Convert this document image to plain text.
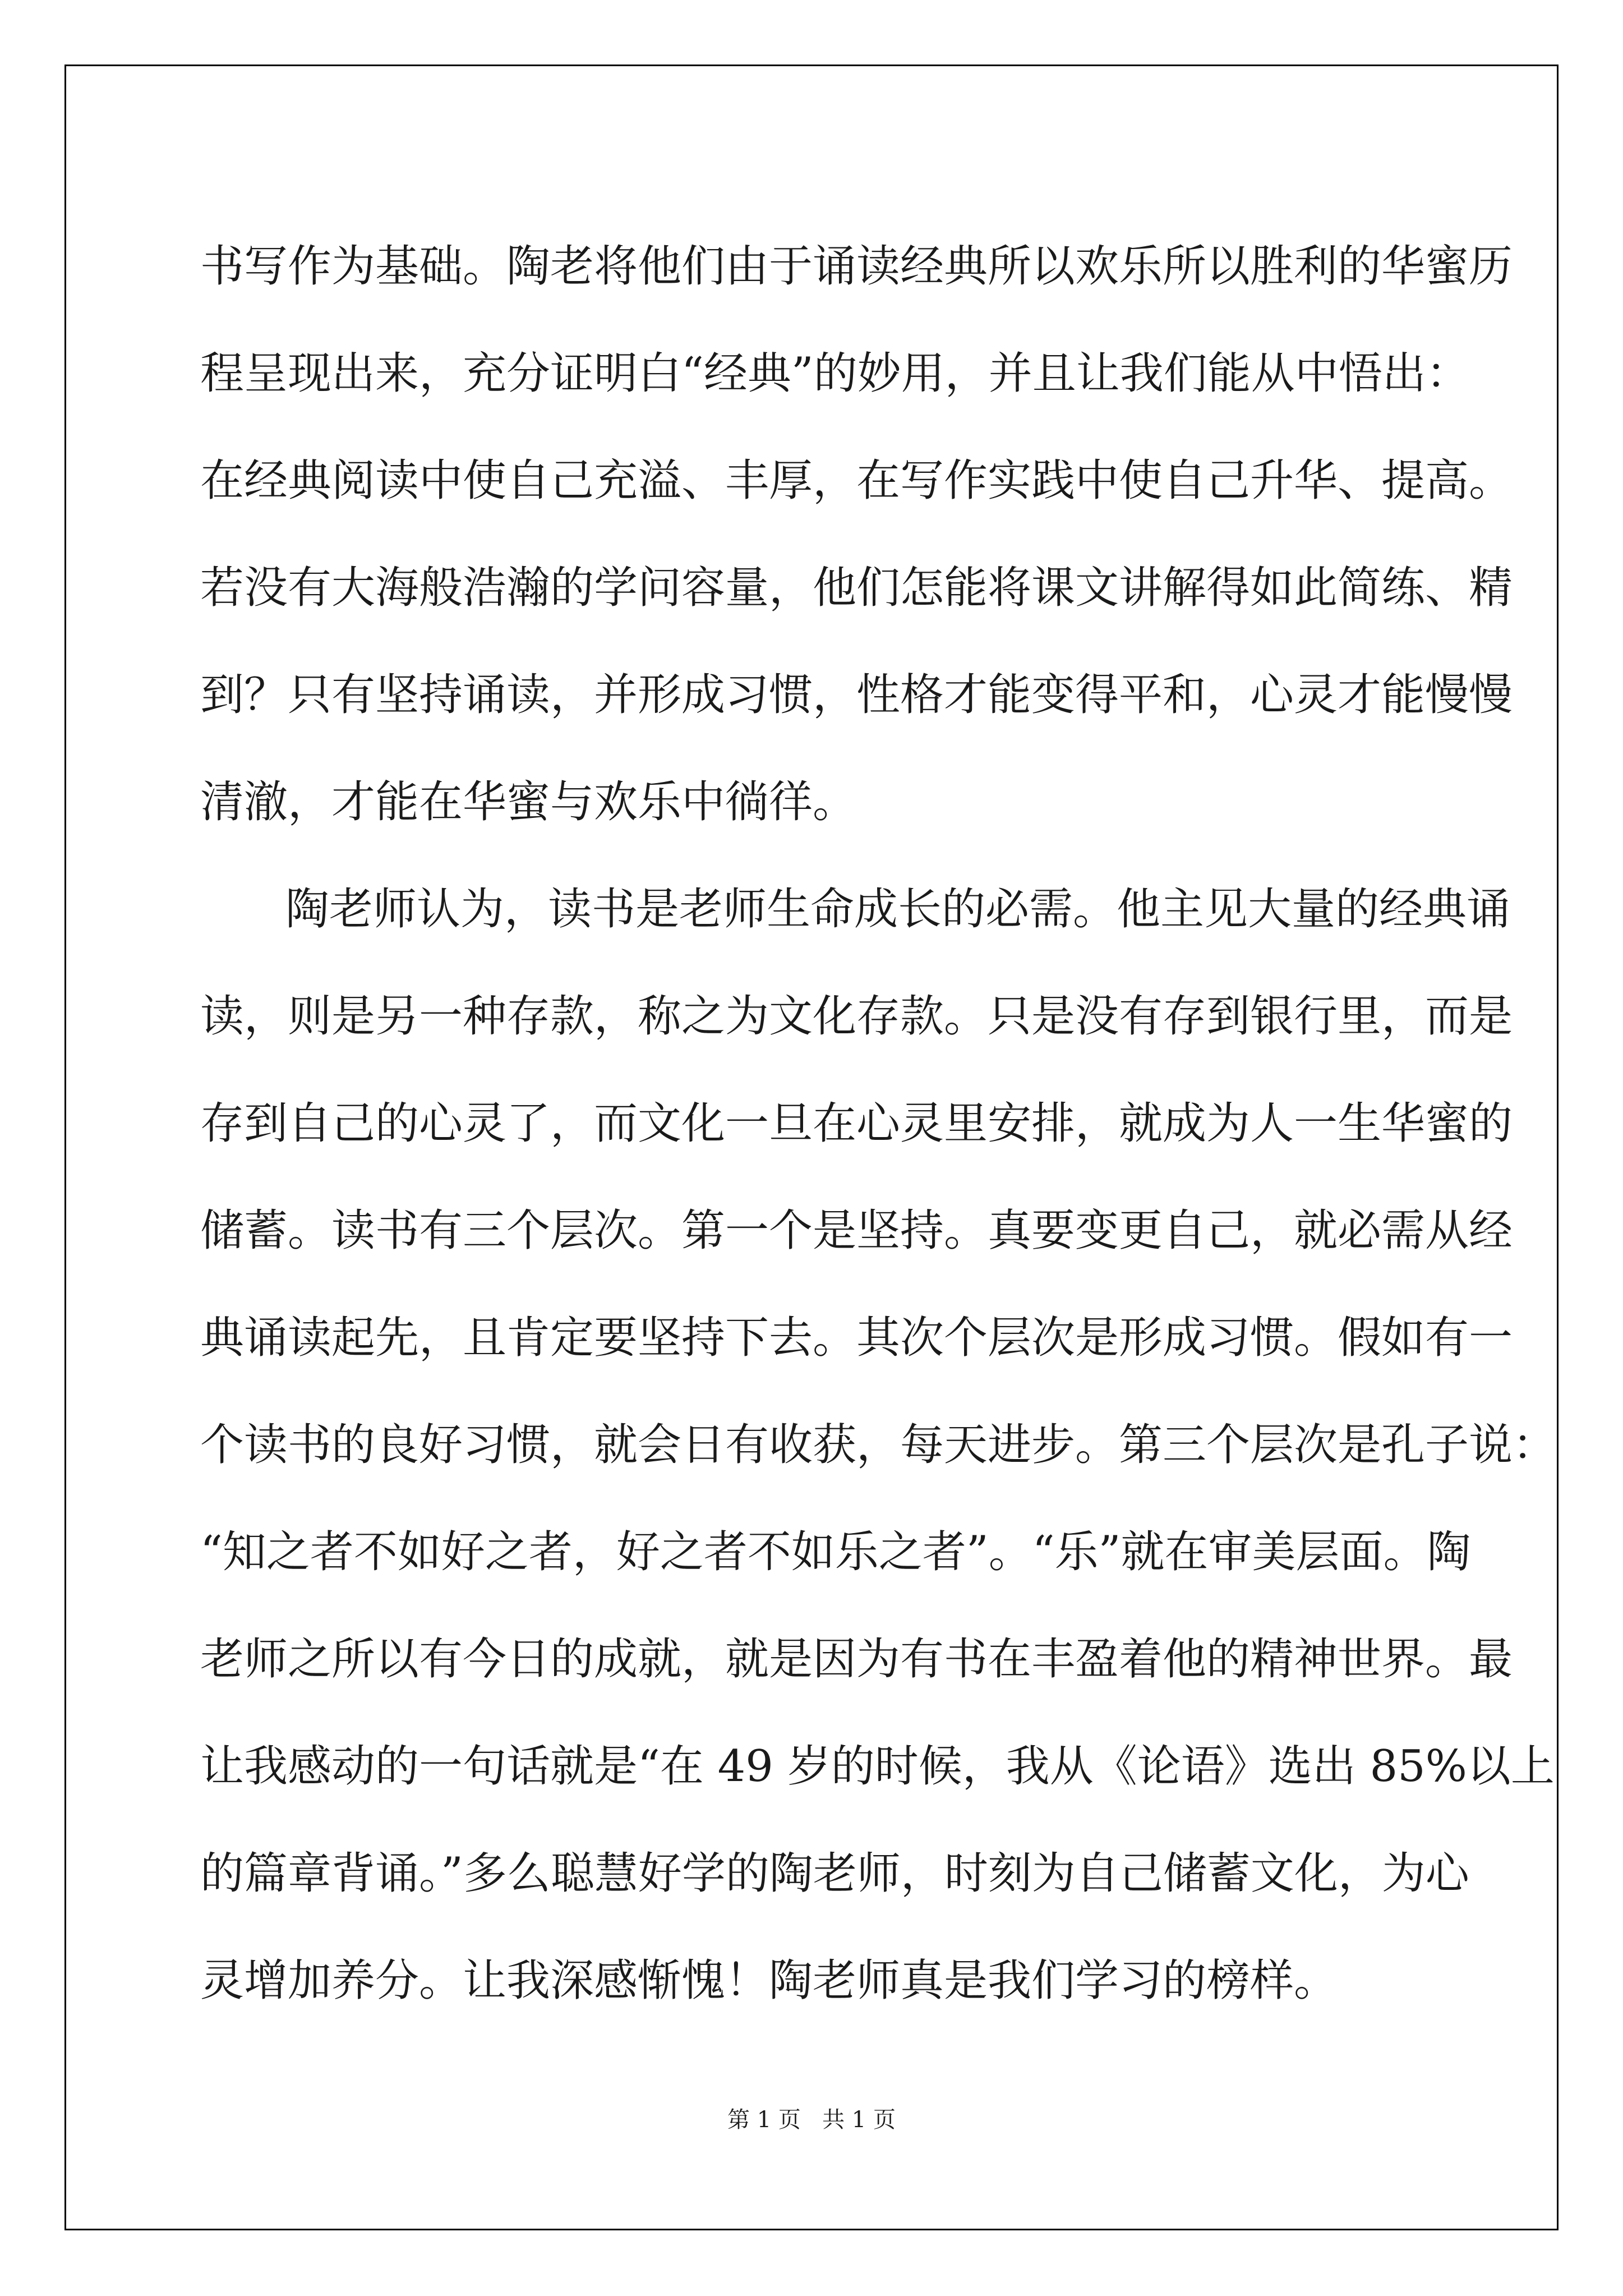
书写作为基础。陶老将他们由于诵读经典所以欢乐所以胜利的华蜜历
程呈现出来，充分证明白“经典”的妙用，并且让我们能从中悟出：
在经典阅读中使自己充溢、丰厚，在写作实践中使自己升华、提高。
若没有大海般浩瀚的学问容量，他们怎能将课文讲解得如此简练、精
到？只有坚持诵读，并形成习惯，性格才能变得平和，心灵才能慢慢
清澈，才能在华蜜与欢乐中徜徉。
陶老师认为，读书是老师生命成长的必需。他主见大量的经典诵
读，则是另一种存款，称之为文化存款。只是没有存到银行里，而是
存到自己的心灵了，而文化一旦在心灵里安排，就成为人一生华蜜的
储蓄。读书有三个层次。第一个是坚持。真要变更自己，就必需从经
典诵读起先，且肯定要坚持下去。其次个层次是形成习惯。假如有一
个读书的良好习惯，就会日有收获，每天进步。第三个层次是孔子说：
“知之者不如好之者，好之者不如乐之者”。“乐”就在审美层面。陶
老师之所以有今日的成就，就是因为有书在丰盈着他的精神世界。最
让我感动的一句话就是“在 49 岁的时候，我从《论语》选出 85%以上
的篇章背诵。”多么聪慧好学的陶老师，时刻为自己储蓄文化，为心
灵增加养分。让我深感惭愧！陶老师真是我们学习的榜样。
第 1 页   共 1 页
